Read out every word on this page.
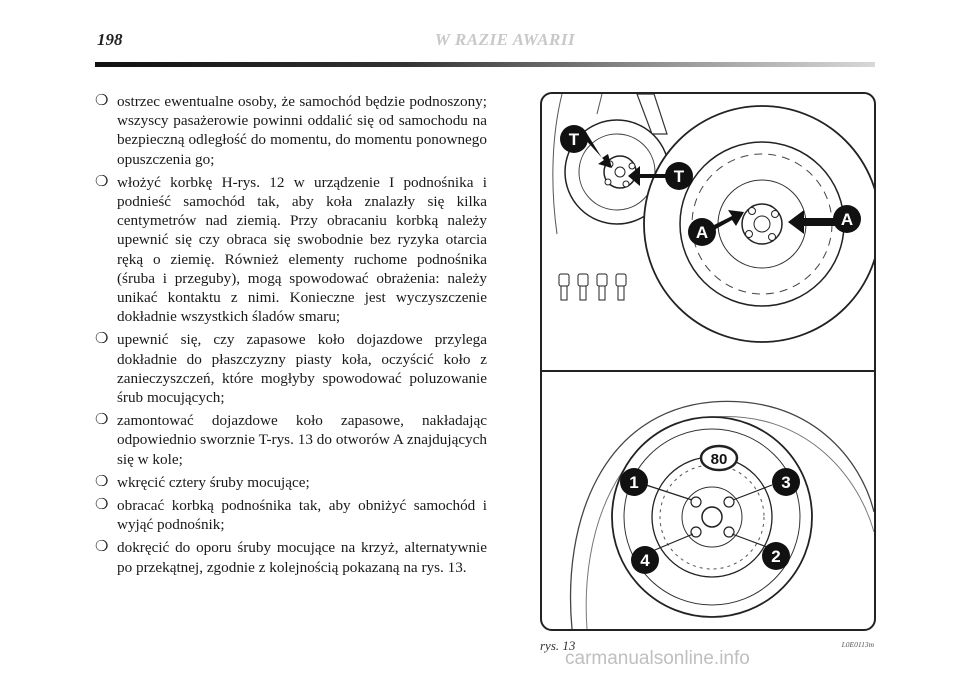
198	W RAZIE AWARII
❍ ostrzec ewentualne osoby, że samochód będzie podnoszony; wszyscy pasażerowie powinni oddalić się od samochodu na bezpieczną odległość do momentu, do momentu ponownego opuszczenia go;
❍ włożyć korbkę H-rys. 12 w urządzenie I podnośnika i podnieść samochód tak, aby koła znalazły się kilka centymetrów nad ziemią. Przy obracaniu korbką należy upewnić się czy obraca się swobodnie bez ryzyka otarcia ręką o ziemię. Również elementy ruchome podnośnika (śruba i przeguby), mogą spowodować obrażenia: należy unikać kontaktu z nimi. Konieczne jest wyczyszczenie dokładnie wszystkich śladów smaru;
❍ upewnić się, czy zapasowe koło dojazdowe przylega dokładnie do płaszczyzny piasty koła, oczyścić koło z zanieczyszczeń, które mogłyby spowodować poluzowanie śrub mocujących;
❍ zamontować dojazdowe koło zapasowe, nakładając odpowiednio sworznie T-rys. 13 do otworów A znajdujących się w kole;
❍ wkręcić cztery śruby mocujące;
❍ obracać korbką podnośnika tak, aby obniżyć samochód i wyjąć podnośnik;
❍ dokręcić do oporu śruby mocujące na krzyż, alternatywnie po przekątnej, zgodnie z kolejnością pokazaną na rys. 13.
T
T
A
A
80
1	3
2
4
rys. 13	L0E0113m
carmanualsonline.info
